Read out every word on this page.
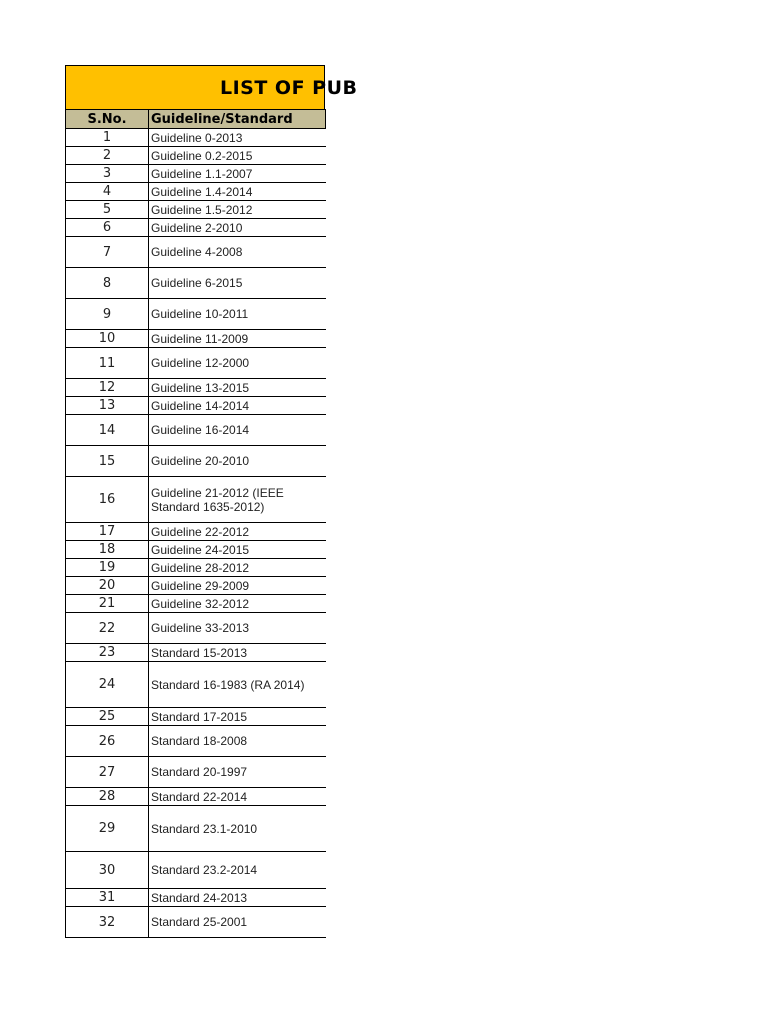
LIST OF PUB
S.No.	Guideline/Standard
1	Guideline 0-2013
2	Guideline 0.2-2015
3	Guideline 1.1-2007
4	Guideline 1.4-2014
5	Guideline 1.5-2012
6	Guideline 2-2010
7	Guideline 4-2008
8	Guideline 6-2015
9	Guideline 10-2011
10	Guideline 11-2009
11	Guideline 12-2000
12	Guideline 13-2015
13	Guideline 14-2014
14	Guideline 16-2014
15	Guideline 20-2010
16	Guideline 21-2012 (IEEE Standard 1635-2012)
17	Guideline 22-2012
18	Guideline 24-2015
19	Guideline 28-2012
20	Guideline 29-2009
21	Guideline 32-2012
22	Guideline 33-2013
23	Standard 15-2013
24	Standard 16-1983 (RA 2014)
25	Standard 17-2015
26	Standard 18-2008
27	Standard 20-1997
28	Standard 22-2014
29	Standard 23.1-2010
30	Standard 23.2-2014
31	Standard 24-2013
32	Standard 25-2001
